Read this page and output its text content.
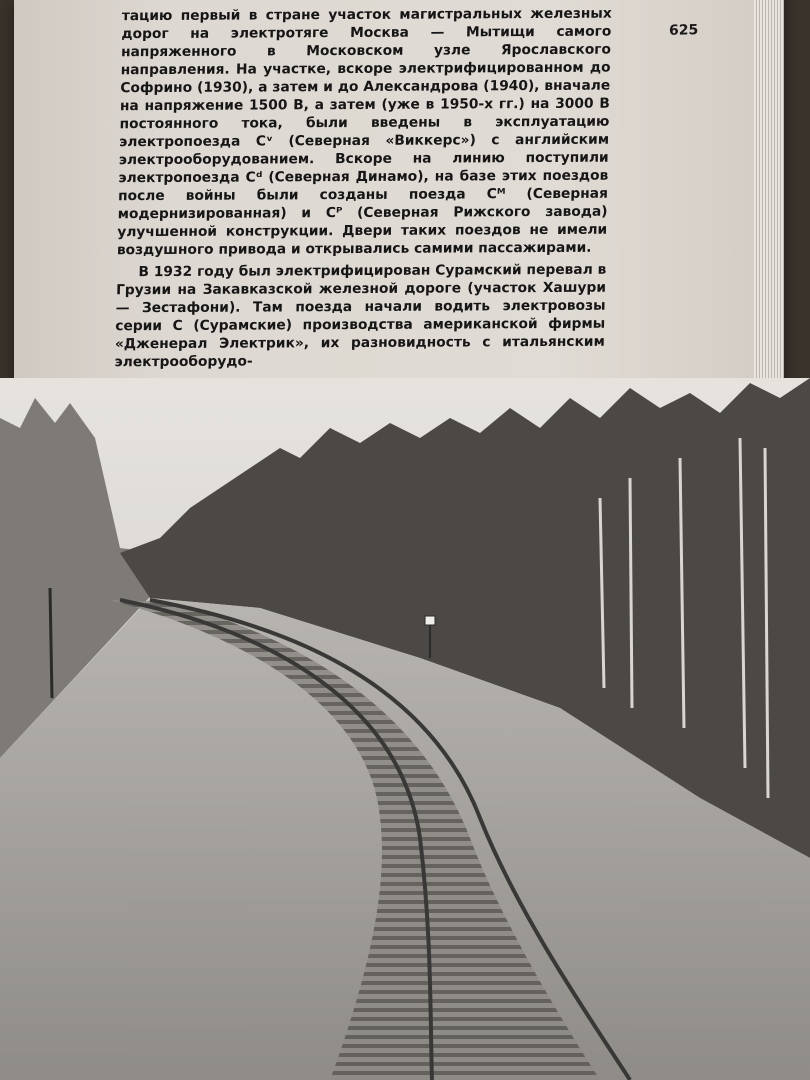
625

тацию первый в стране участок магистральных железных дорог на электротяге Москва — Мытищи самого напряженного в Московском узле Ярославского направления. На участке, вскоре электрифицированном до Софрино (1930), а затем и до Александрова (1940), вначале на напряжение 1500 В, а затем (уже в 1950-х гг.) на 3000 В постоянного тока, были введены в эксплуатацию электропоезда Сᵛ (Северная «Виккерс») с английским электрооборудованием. Вскоре на линию поступили электропоезда Сᵈ (Северная Динамо), на базе этих поездов после войны были созданы поезда Сᴹ (Северная модернизированная) и Сᴾ (Северная Рижского завода) улучшенной конструкции. Двери таких поездов не имели воздушного привода и открывались самими пассажирами.

В 1932 году был электрифицирован Сурамский перевал в Грузии на Закавказской железной дороге (участок Хашури — Зестафони). Там поезда начали водить электровозы серии С (Сурамские) производства американской фирмы «Дженерал Электрик», их разновидность с итальянским электрооборудо-
